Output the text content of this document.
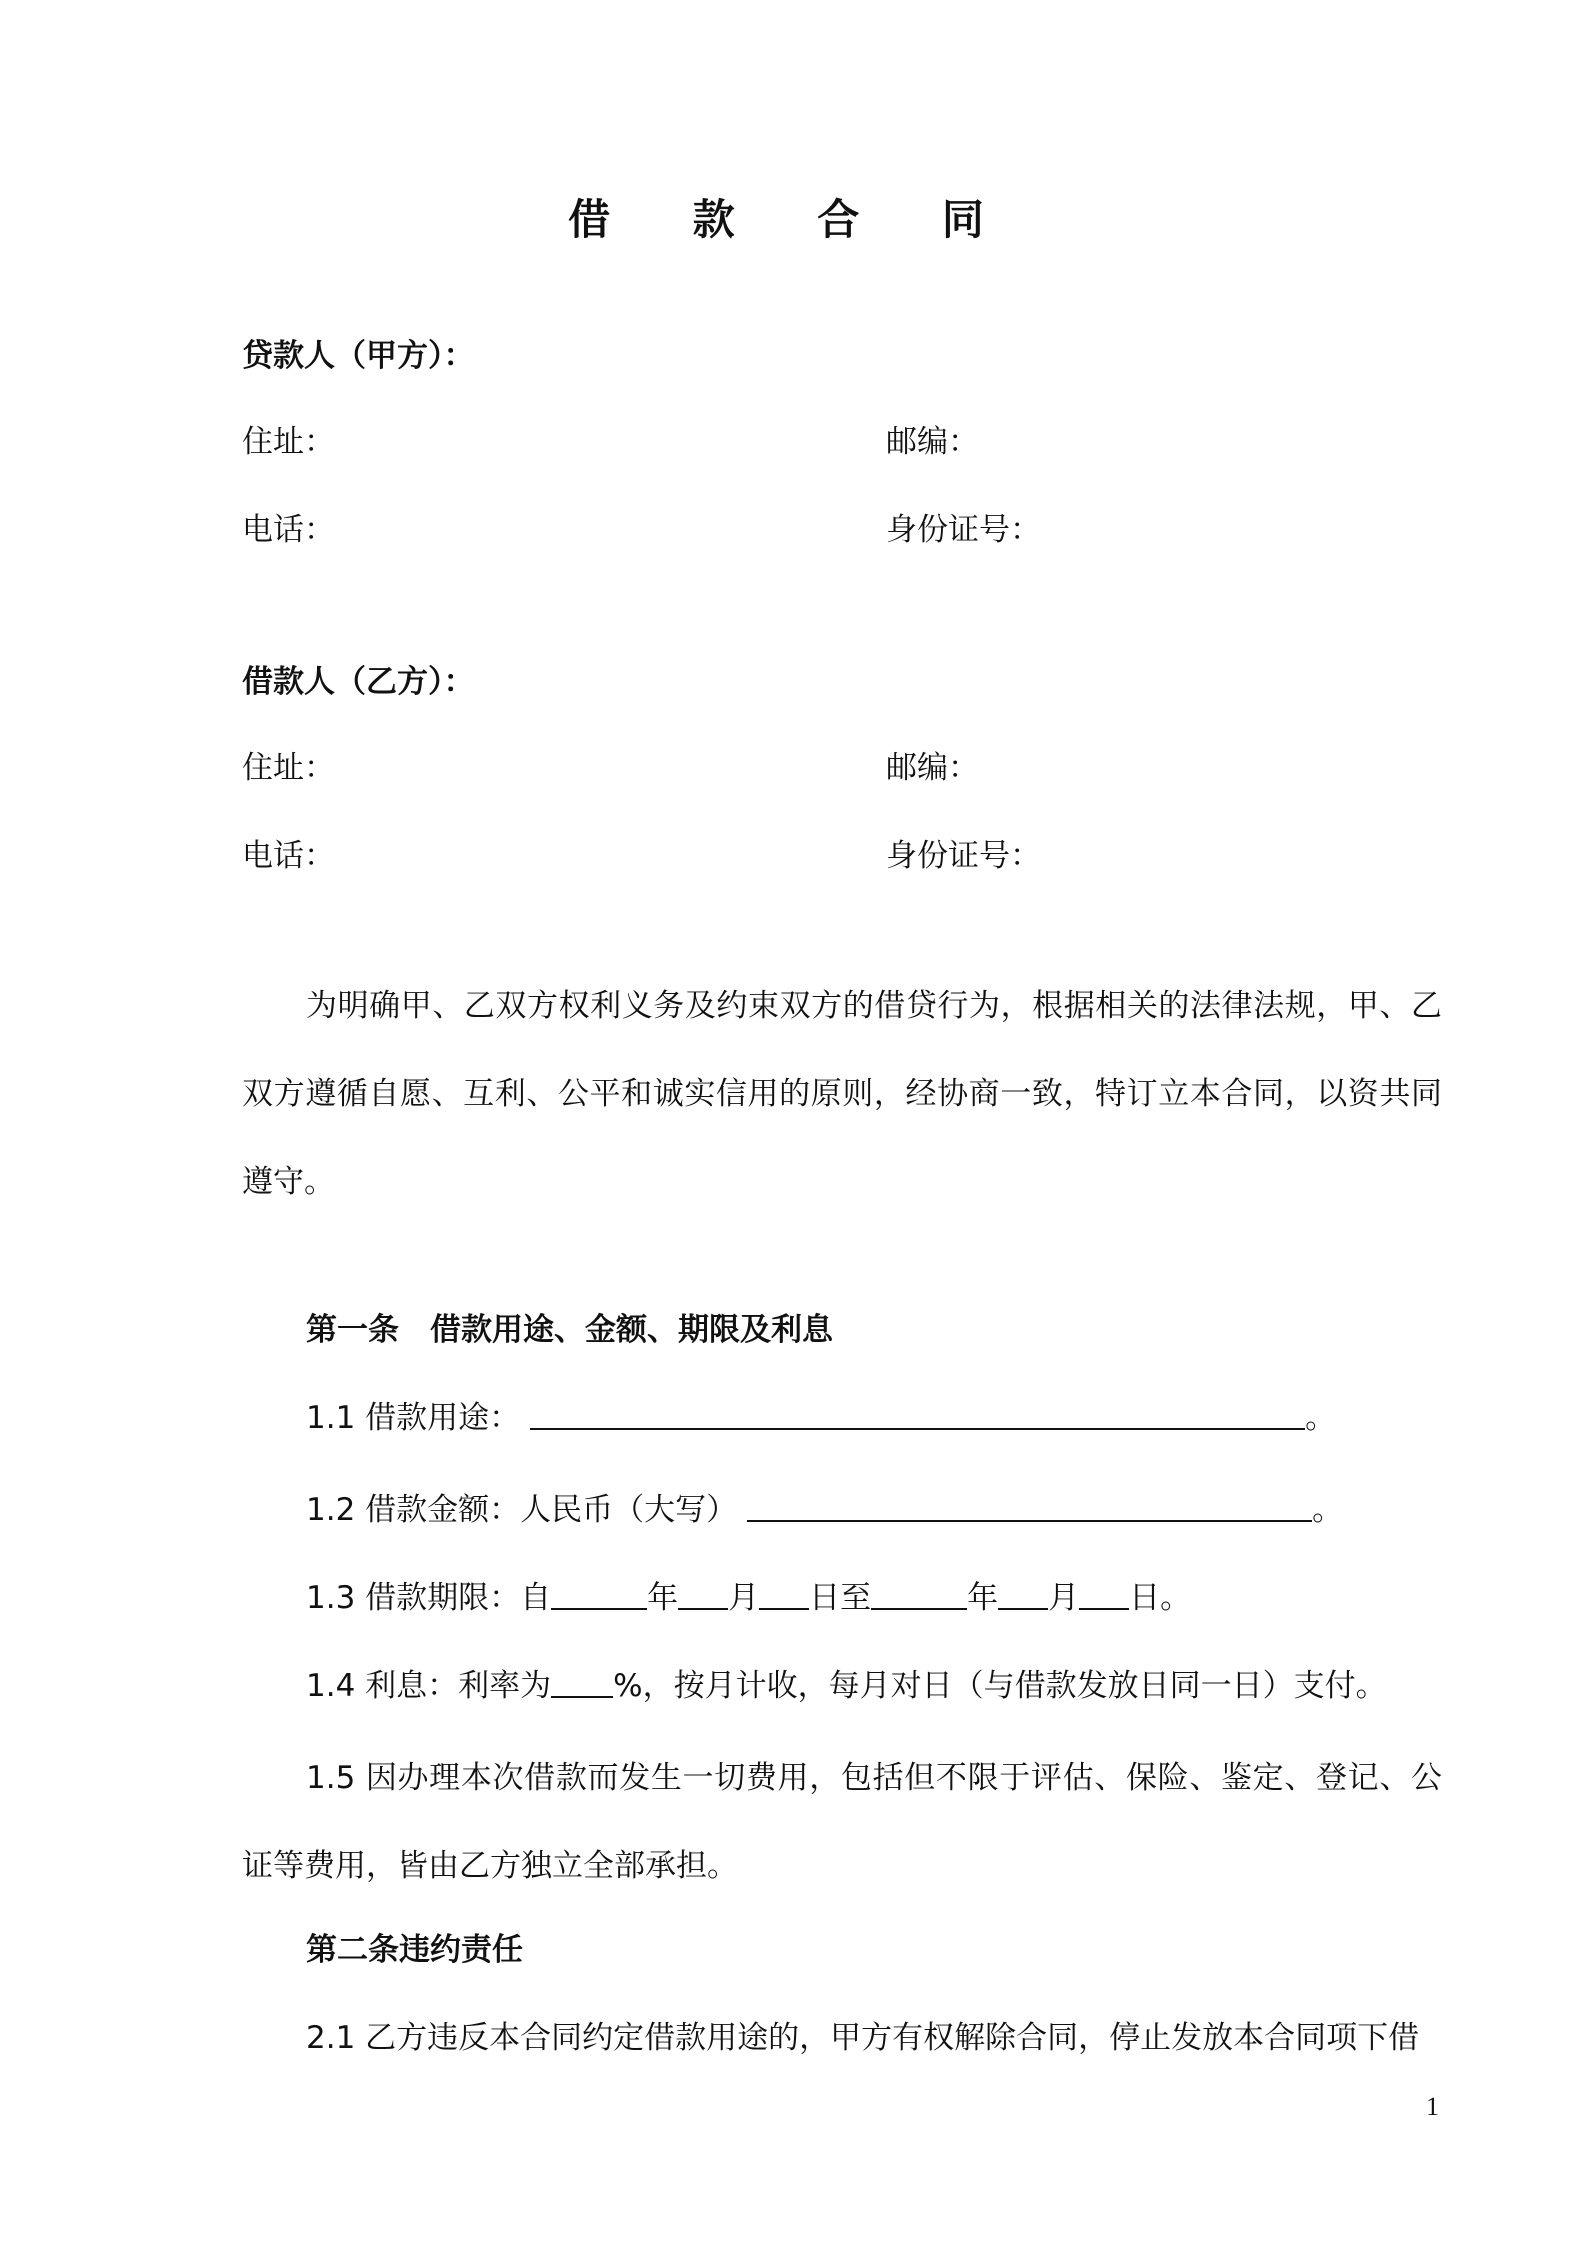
借 款 合 同
贷款人（甲方）：
住址：	邮编：
电话：	身份证号：
借款人（乙方）：
住址：	邮编：
电话：	身份证号：
为明确甲、乙双方权利义务及约束双方的借贷行为，根据相关的法律法规，甲、乙双方遵循自愿、互利、公平和诚实信用的原则，经协商一致，特订立本合同，以资共同遵守。
第一条　借款用途、金额、期限及利息
1.1 借款用途：	。
1.2 借款金额：人民币（大写）	。
1.3 借款期限：自	年 月 日至	年 月 日。
1.4 利息：利率为 %，按月计收，每月对日（与借款发放日同一日）支付。
1.5 因办理本次借款而发生一切费用，包括但不限于评估、保险、鉴定、登记、公证等费用，皆由乙方独立全部承担。
第二条违约责任
2.1 乙方违反本合同约定借款用途的，甲方有权解除合同，停止发放本合同项下借
1
